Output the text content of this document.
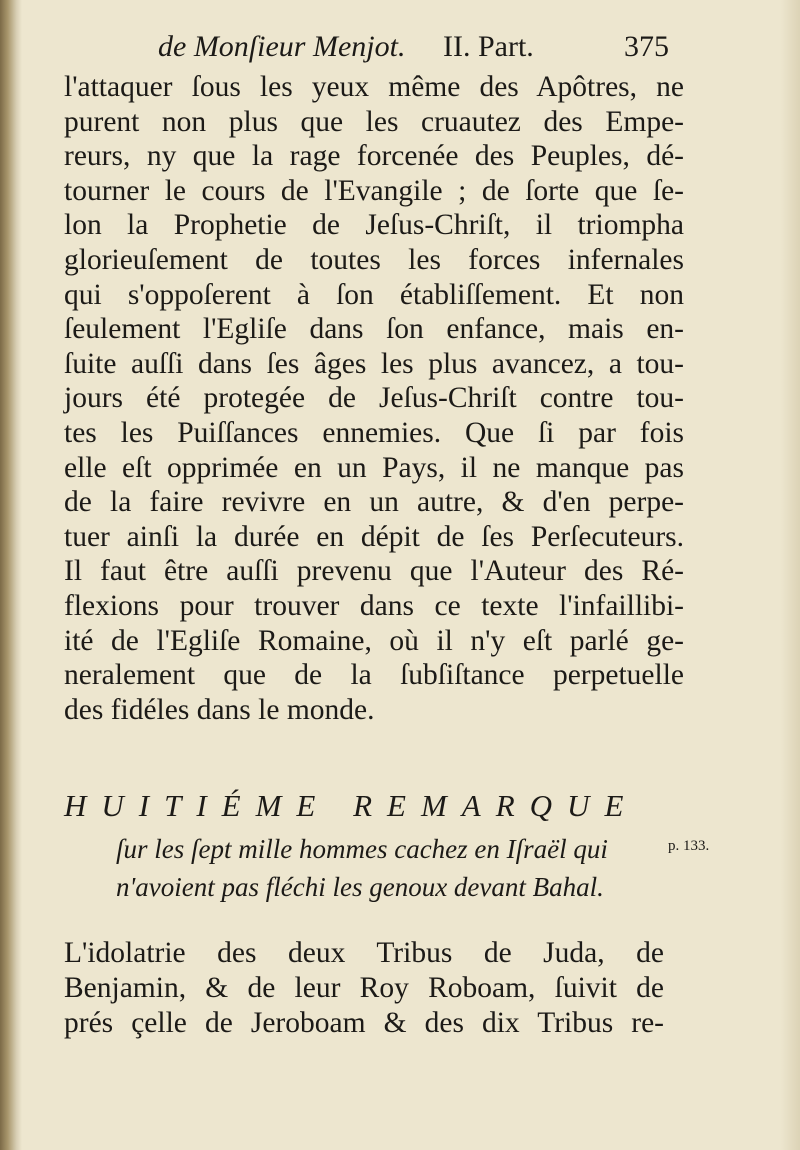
de Monſieur Menjot. II. Part.	375
l'attaquer ſous les yeux même des Apôtres, ne
purent non plus que les cruautez des Empe-
reurs, ny que la rage forcenée des Peuples, dé-
tourner le cours de l'Evangile ; de ſorte que ſe-
lon la Prophetie de Jeſus-Chriſt, il triompha
glorieuſement de toutes les forces infernales
qui s'oppoſerent à ſon établiſſement. Et non
ſeulement l'Egliſe dans ſon enfance, mais en-
ſuite auſſi dans ſes âges les plus avancez, a tou-
jours été protegée de Jeſus-Chriſt contre tou-
tes les Puiſſances ennemies. Que ſi par fois
elle eſt opprimée en un Pays, il ne manque pas
de la faire revivre en un autre, & d'en perpe-
tuer ainſi la durée en dépit de ſes Perſecuteurs.
Il faut être auſſi prevenu que l'Auteur des Ré-
flexions pour trouver dans ce texte l'infaillibi-
ité de l'Egliſe Romaine, où il n'y eſt parlé ge-
neralement que de la ſubſiſtance perpetuelle
des fidéles dans le monde.
HUITIÉME REMARQUE
ſur les ſept mille hommes cachez en Iſraël qui
n'avoient pas fléchi les genoux devant Bahal.
p. 133.
L'idolatrie des deux Tribus de Juda, de
Benjamin, & de leur Roy Roboam, ſuivit de
prés çelle de Jeroboam & des dix Tribus re-
